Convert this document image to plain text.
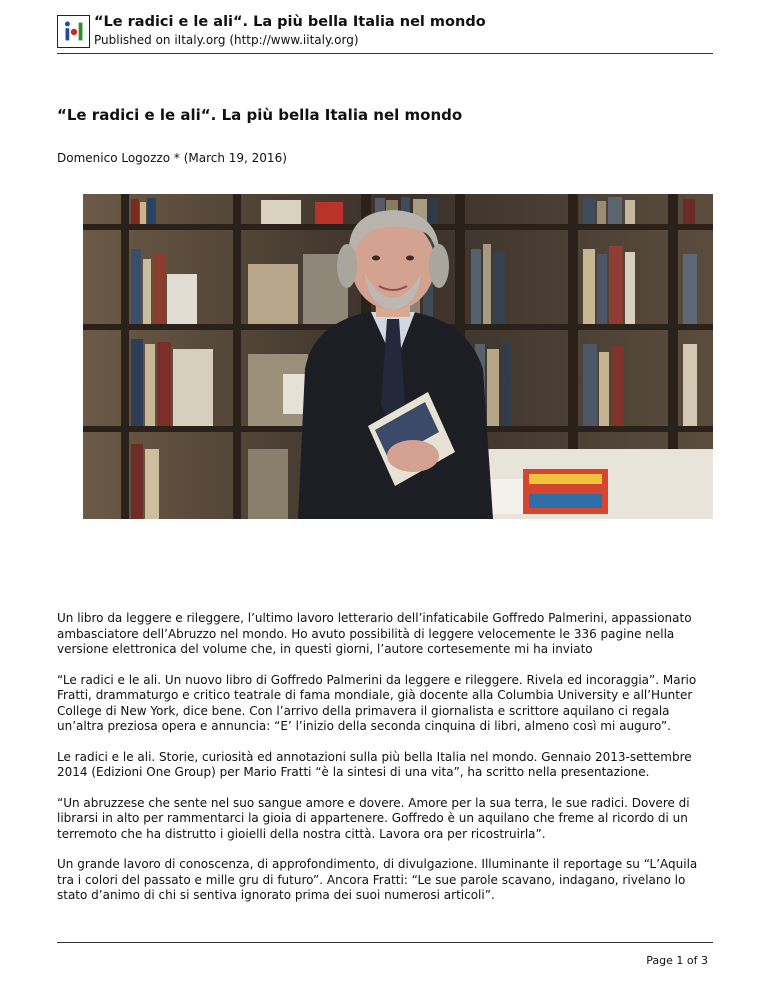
“Le radici e le ali“. La più bella Italia nel mondo
Published on iItaly.org (http://www.iitaly.org)
“Le radici e le ali“. La più bella Italia nel mondo
Domenico Logozzo * (March 19, 2016)

Un libro da leggere e rileggere, l’ultimo lavoro letterario dell’infaticabile Goffredo Palmerini, appassionato ambasciatore dell’Abruzzo nel mondo. Ho avuto possibilità di leggere velocemente le 336 pagine nella versione elettronica del volume che, in questi giorni, l’autore cortesemente mi ha inviato

“Le radici e le ali. Un nuovo libro di Goffredo Palmerini da leggere e rileggere. Rivela ed incoraggia”. Mario Fratti, drammaturgo e critico teatrale di fama mondiale, già docente alla Columbia University e all’Hunter College di New York, dice bene. Con l’arrivo della primavera il giornalista e scrittore aquilano ci regala un’altra preziosa opera e annuncia: “E’ l’inizio della seconda cinquina di libri, almeno così mi auguro”.

Le radici e le ali. Storie, curiosità ed annotazioni sulla più bella Italia nel mondo. Gennaio 2013-settembre 2014 (Edizioni One Group) per Mario Fratti “è la sintesi di una vita”, ha scritto nella presentazione.

“Un abruzzese che sente nel suo sangue amore e dovere. Amore per la sua terra, le sue radici. Dovere di librarsi in alto per rammentarci la gioia di appartenere. Goffredo è un aquilano che freme al ricordo di un terremoto che ha distrutto i gioielli della nostra città. Lavora ora per ricostruirla”.

Un grande lavoro di conoscenza, di approfondimento, di divulgazione. Illuminante il reportage su “L’Aquila tra i colori del passato e mille gru di futuro”. Ancora Fratti: “Le sue parole scavano, indagano, rivelano lo stato d’animo di chi si sentiva ignorato prima dei suoi numerosi articoli”.

Page 1 of 3
